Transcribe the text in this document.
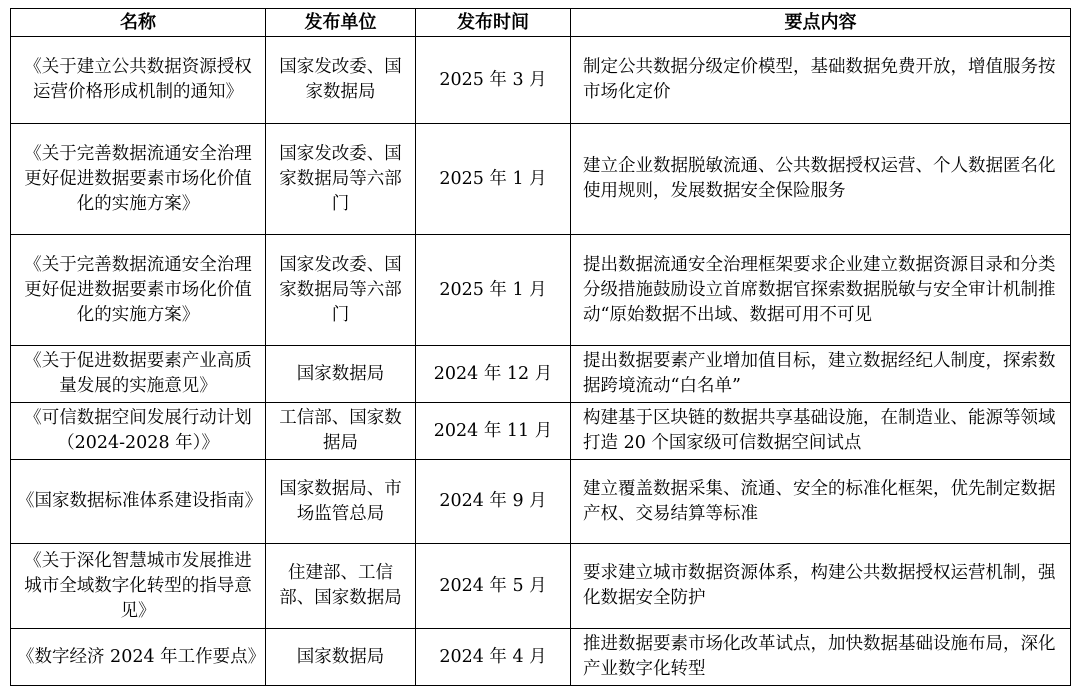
名称	发布单位	发布时间	要点内容
《关于建立公共数据资源授权运营价格形成机制的通知》	国家发改委、国家数据局	2025 年 3 月	制定公共数据分级定价模型，基础数据免费开放，增值服务按市场化定价
《关于完善数据流通安全治理更好促进数据要素市场化价值化的实施方案》	国家发改委、国家数据局等六部门	2025 年 1 月	建立企业数据脱敏流通、公共数据授权运营、个人数据匿名化使用规则，发展数据安全保险服务
《关于完善数据流通安全治理 更好促进数据要素市场化价值化的实施方案》	国家发改委、国家数据局等六部门	2025 年 1 月	提出数据流通安全治理框架要求企业建立数据资源目录和分类分级措施鼓励设立首席数据官探索数据脱敏与安全审计机制推动“原始数据不出域、数据可用不可见
《关于促进数据要素产业高质量发展的实施意见》	国家数据局	2024 年 12 月	提出数据要素产业增加值目标，建立数据经纪人制度，探索数据跨境流动“白名单”
《可信数据空间发展行动计划（2024-2028 年）》	工信部、国家数据局	2024 年 11 月	构建基于区块链的数据共享基础设施，在制造业、能源等领域打造 20 个国家级可信数据空间试点
《国家数据标准体系建设指南》	国家数据局、市场监管总局	2024 年 9 月	建立覆盖数据采集、流通、安全的标准化框架，优先制定数据产权、交易结算等标准
《关于深化智慧城市发展推进城市全域数字化转型的指导意见》	住建部、工信部、国家数据局	2024 年 5 月	要求建立城市数据资源体系，构建公共数据授权运营机制，强化数据安全防护
《数字经济 2024 年工作要点》	国家数据局	2024 年 4 月	推进数据要素市场化改革试点，加快数据基础设施布局，深化产业数字化转型
